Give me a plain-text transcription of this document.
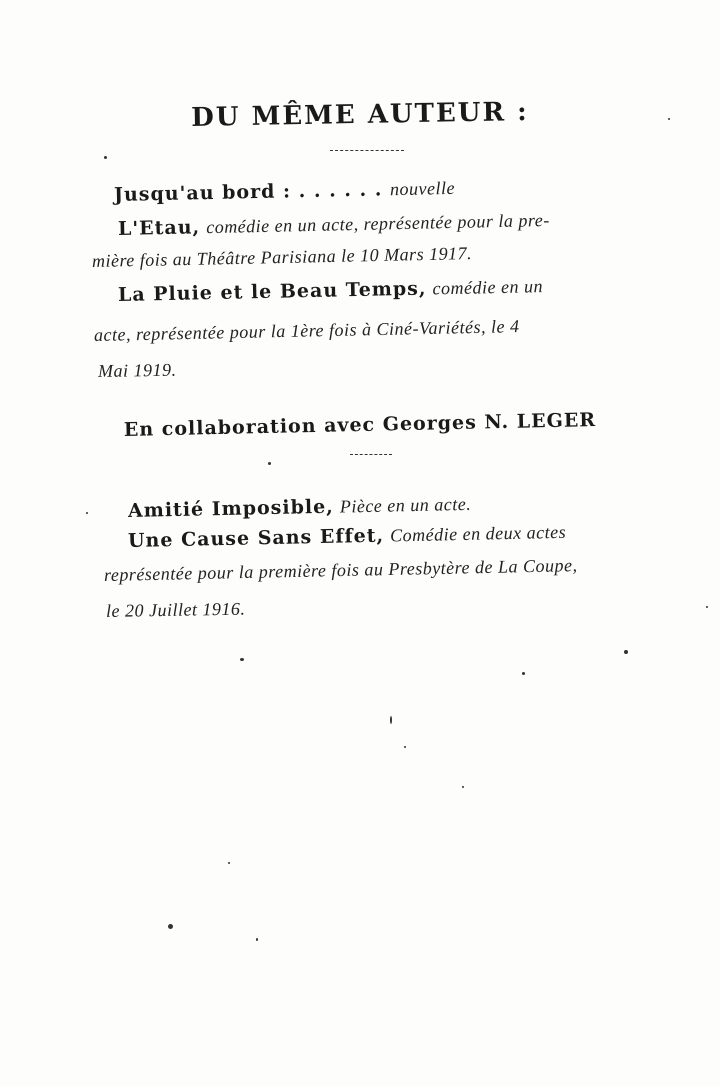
DU MÊME AUTEUR :
Jusqu'au bord : . . . . . . nouvelle
L'Etau, comédie en un acte, représentée pour la pre-
mière fois au Théâtre Parisiana le 10 Mars 1917.
La Pluie et le Beau Temps, comédie en un
acte, représentée pour la 1ère fois à Ciné-Variétés, le 4
Mai 1919.
En collaboration avec Georges N. LEGER
Amitié Imposible, Pièce en un acte.
Une Cause Sans Effet, Comédie en deux actes
représentée pour la première fois au Presbytère de La Coupe,
le 20 Juillet 1916.
